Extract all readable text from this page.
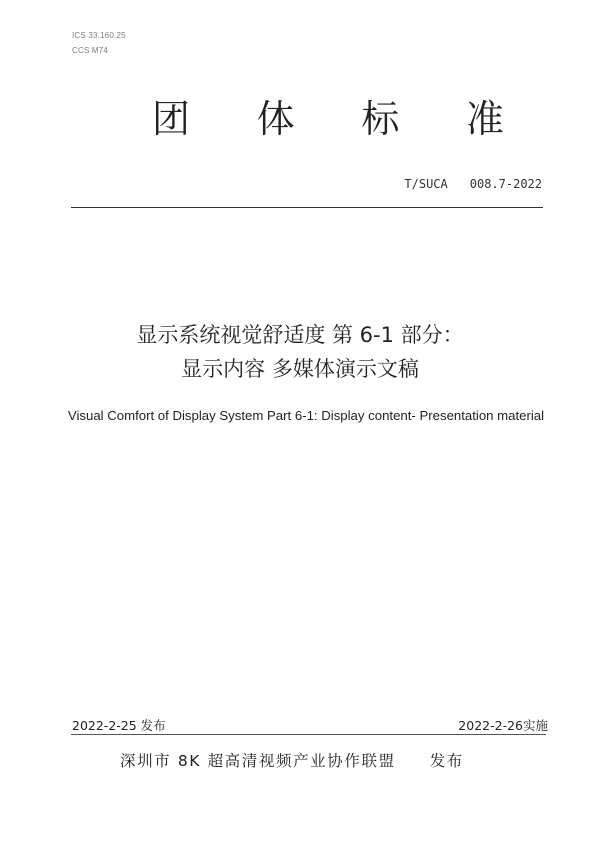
ICS 33.160.25
CCS M74
团 体 标 准
T/SUCA 008.7-2022
显示系统视觉舒适度 第 6-1 部分：
显示内容 多媒体演示文稿
Visual Comfort of Display System Part 6-1: Display content- Presentation material
2022-2-25 发布	2022-2-26实施
深圳市 8K 超高清视频产业协作联盟 发布
